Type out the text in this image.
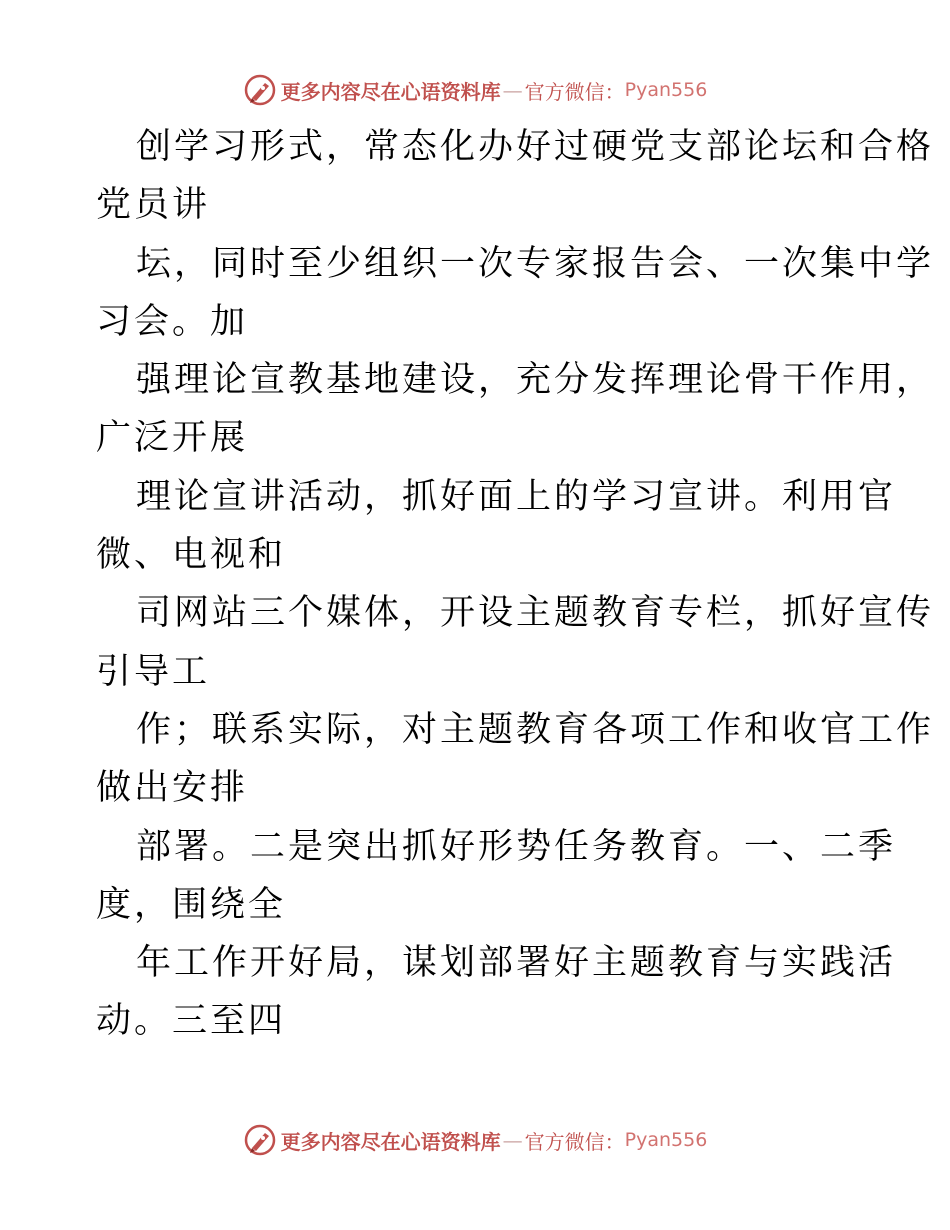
更多内容尽在心语资料库 — 官方微信： Pyan556
创学习形式，常态化办好过硬党支部论坛和合格
党员讲
坛，同时至少组织一次专家报告会、一次集中学
习会。加
强理论宣教基地建设，充分发挥理论骨干作用，
广泛开展
理论宣讲活动，抓好面上的学习宣讲。利用官
微、电视和
司网站三个媒体，开设主题教育专栏，抓好宣传
引导工
作；联系实际，对主题教育各项工作和收官工作
做出安排
部署。二是突出抓好形势任务教育。一、二季
度，围绕全
年工作开好局，谋划部署好主题教育与实践活
动。三至四
更多内容尽在心语资料库 — 官方微信： Pyan556
